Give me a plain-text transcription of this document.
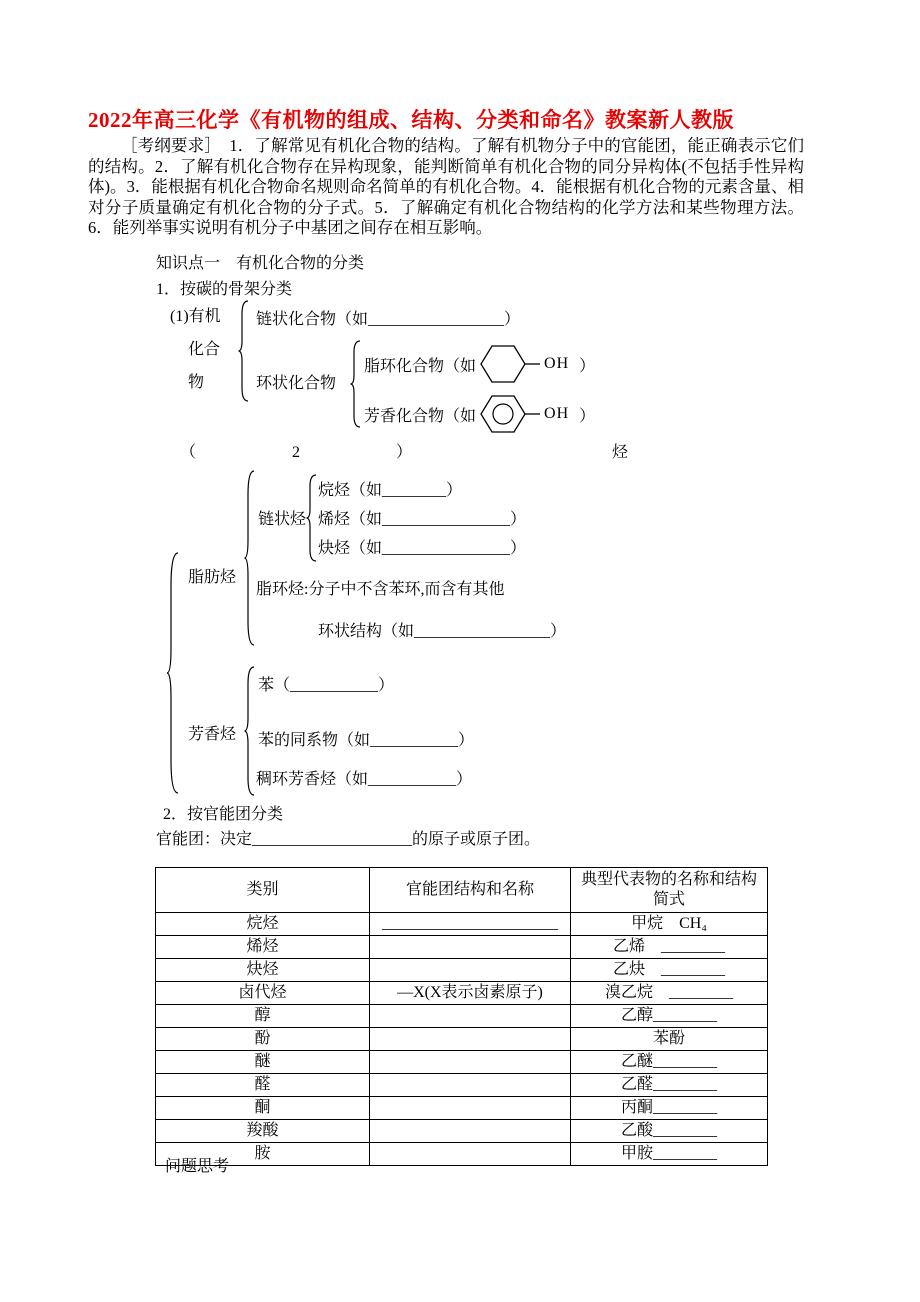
2022年高三化学《有机物的组成、结构、分类和命名》教案新人教版

［考纲要求］　1．了解常见有机化合物的结构。了解有机物分子中的官能团，能正确表示它们的结构。2．了解有机化合物存在异构现象，能判断简单有机化合物的同分异构体(不包括手性异构体)。3．能根据有机化合物命名规则命名简单的有机化合物。4．能根据有机化合物的元素含量、相对分子质量确定有机化合物的分子式。5．了解确定有机化合物结构的化学方法和某些物理方法。6．能列举事实说明有机分子中基团之间存在相互影响。

知识点一　有机化合物的分类
1．按碳的骨架分类
(1)有机
化合
物
链状化合物（如_________________）
环状化合物
脂环化合物（如	OH ）
芳香化合物（如	OH ）
（　　　　　　2　　　　　　）	烃
脂肪烃
链状烃
烷烃（如________）
烯烃（如________________）
炔烃（如________________）
脂环烃:分子中不含苯环,而含有其他
环状结构（如_________________）
芳香烃
苯（___________）
苯的同系物（如___________）
稠环芳香烃（如___________）
2．按官能团分类
官能团：决定____________________的原子或原子团。
类别	官能团结构和名称	典型代表物的名称和结构简式
烷烃	______________________	甲烷　CH₄
烯烃		乙烯　________
炔烃		乙炔　________
卤代烃	—X(X表示卤素原子)	溴乙烷　________
醇		乙醇________
酚		苯酚
醚		乙醚________
醛		乙醛________
酮		丙酮________
羧酸		乙酸________
胺		甲胺________
问题思考
